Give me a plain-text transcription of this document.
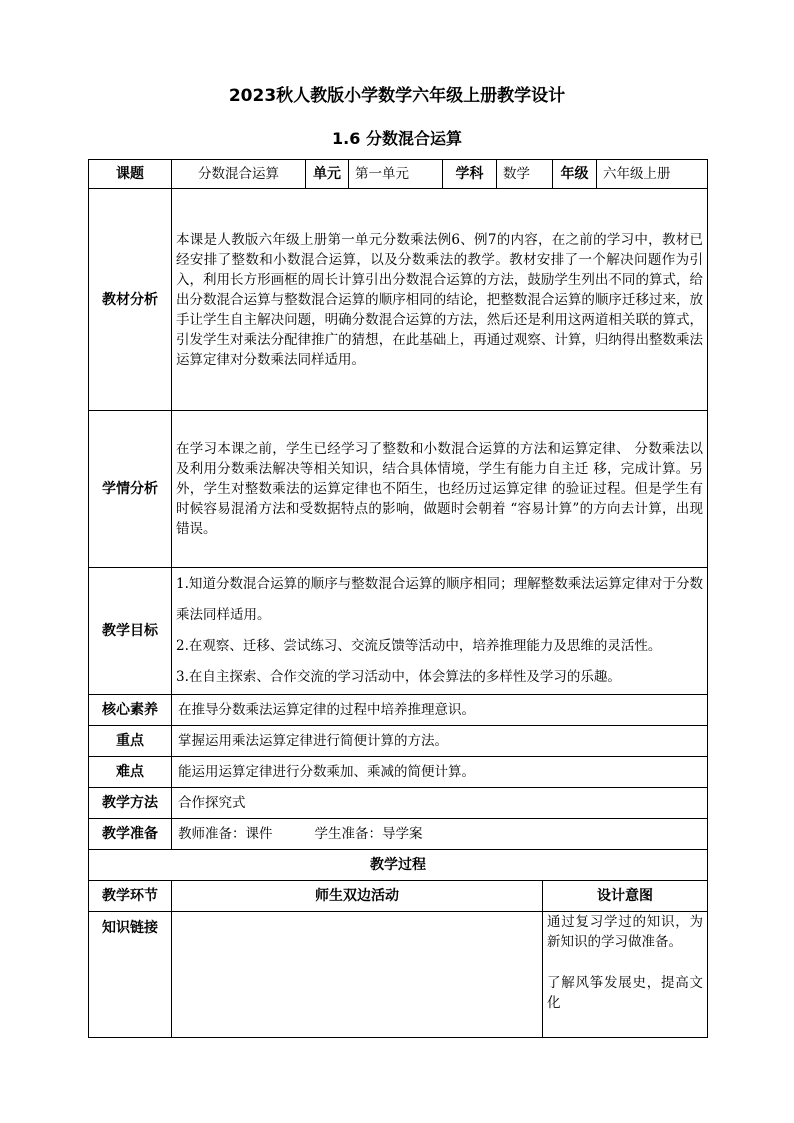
2023秋人教版小学数学六年级上册教学设计
1.6 分数混合运算
课题	分数混合运算	单元	第一单元	学科	数学		年级	六年级上册
教材分析	本课是人教版六年级上册第一单元分数乘法例6、例7的内容，在之前的学习中，教材已经安排了整数和小数混合运算，以及分数乘法的教学。教材安排了一个解决问题作为引入，利用长方形画框的周长计算引出分数混合运算的方法，鼓励学生列出不同的算式，给出分数混合运算与整数混合运算的顺序相同的结论，把整数混合运算的顺序迁移过来，放手让学生自主解决问题，明确分数混合运算的方法，然后还是利用这两道相关联的算式，引发学生对乘法分配律推广的猜想，在此基础上，再通过观察、计算，归纳得出整数乘法运算定律对分数乘法同样适用。							
学情分析	在学习本课之前，学生已经学习了整数和小数混合运算的方法和运算定律、 分数乘法以及利用分数乘法解决等相关知识，结合具体情境，学生有能力自主迁 移，完成计算。另外，学生对整数乘法的运算定律也不陌生，也经历过运算定律 的验证过程。但是学生有时候容易混淆方法和受数据特点的影响，做题时会朝着 “容易计算”的方向去计算，出现错误。							
教学目标	1.知道分数混合运算的顺序与整数混合运算的顺序相同；理解整数乘法运算定律对于分数乘法同样适用。
2.在观察、迁移、尝试练习、交流反馈等活动中，培养推理能力及思维的灵活性。
3.在自主探索、合作交流的学习活动中，体会算法的多样性及学习的乐趣。							

核心素养	在推导分数乘法运算定律的过程中培养推理意识。							
重点	掌握运用乘法运算定律进行简便计算的方法。							
难点	能运用运算定律进行分数乘加、乘减的简便计算。							
教学方法	合作探究式							
教学准备	教师准备：课件 学生准备：导学案							
教学过程								
教学环节	师生双边活动					设计意图		
知识链接						通过复习学过的知识，为新知识的学习做准备。
了解风筝发展史，提高文化		
